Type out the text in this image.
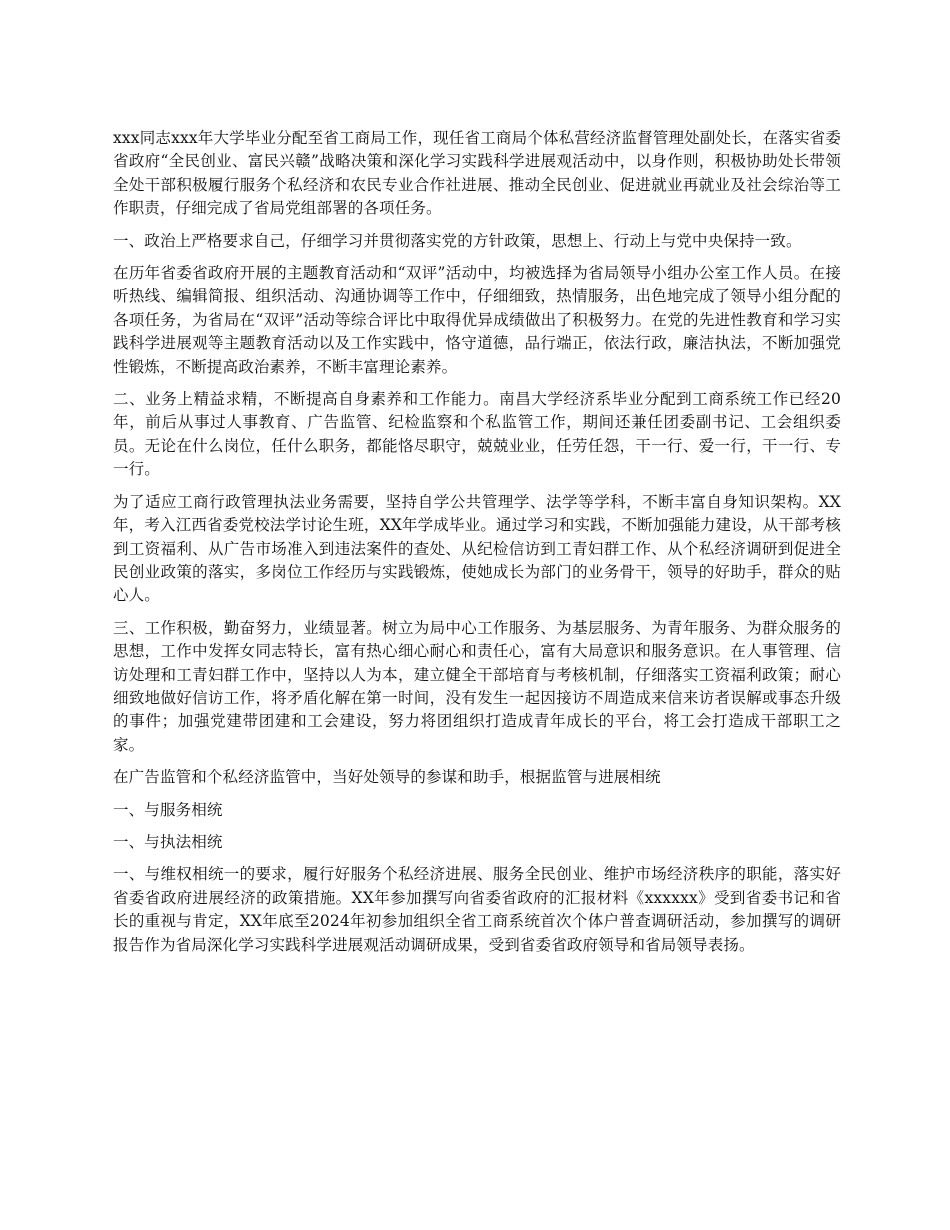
xxx同志xxx年大学毕业分配至省工商局工作，现任省工商局个体私营经济监督管理处副处长，在落实省委省政府“全民创业、富民兴赣”战略决策和深化学习实践科学进展观活动中，以身作则，积极协助处长带领全处干部积极履行服务个私经济和农民专业合作社进展、推动全民创业、促进就业再就业及社会综治等工作职责，仔细完成了省局党组部署的各项任务。

一、政治上严格要求自己，仔细学习并贯彻落实党的方针政策，思想上、行动上与党中央保持一致。

在历年省委省政府开展的主题教育活动和“双评”活动中，均被选择为省局领导小组办公室工作人员。在接听热线、编辑简报、组织活动、沟通协调等工作中，仔细细致，热情服务，出色地完成了领导小组分配的各项任务，为省局在“双评”活动等综合评比中取得优异成绩做出了积极努力。在党的先进性教育和学习实践科学进展观等主题教育活动以及工作实践中，恪守道德，品行端正，依法行政，廉洁执法，不断加强党性锻炼，不断提高政治素养，不断丰富理论素养。

二、业务上精益求精，不断提高自身素养和工作能力。南昌大学经济系毕业分配到工商系统工作已经20年，前后从事过人事教育、广告监管、纪检监察和个私监管工作，期间还兼任团委副书记、工会组织委员。无论在什么岗位，任什么职务，都能恪尽职守，兢兢业业，任劳任怨，干一行、爱一行，干一行、专一行。

为了适应工商行政管理执法业务需要，坚持自学公共管理学、法学等学科，不断丰富自身知识架构。XX年，考入江西省委党校法学讨论生班，XX年学成毕业。通过学习和实践，不断加强能力建设，从干部考核到工资福利、从广告市场准入到违法案件的查处、从纪检信访到工青妇群工作、从个私经济调研到促进全民创业政策的落实，多岗位工作经历与实践锻炼，使她成长为部门的业务骨干，领导的好助手，群众的贴心人。

三、工作积极，勤奋努力，业绩显著。树立为局中心工作服务、为基层服务、为青年服务、为群众服务的思想，工作中发挥女同志特长，富有热心细心耐心和责任心，富有大局意识和服务意识。在人事管理、信访处理和工青妇群工作中，坚持以人为本，建立健全干部培育与考核机制，仔细落实工资福利政策；耐心细致地做好信访工作，将矛盾化解在第一时间，没有发生一起因接访不周造成来信来访者误解或事态升级的事件；加强党建带团建和工会建设，努力将团组织打造成青年成长的平台，将工会打造成干部职工之家。

在广告监管和个私经济监管中，当好处领导的参谋和助手，根据监管与进展相统

一、与服务相统

一、与执法相统

一、与维权相统一的要求，履行好服务个私经济进展、服务全民创业、维护市场经济秩序的职能，落实好省委省政府进展经济的政策措施。XX年参加撰写向省委省政府的汇报材料《xxxxxx》受到省委书记和省长的重视与肯定，XX年底至2024年初参加组织全省工商系统首次个体户普查调研活动，参加撰写的调研报告作为省局深化学习实践科学进展观活动调研成果，受到省委省政府领导和省局领导表扬。
